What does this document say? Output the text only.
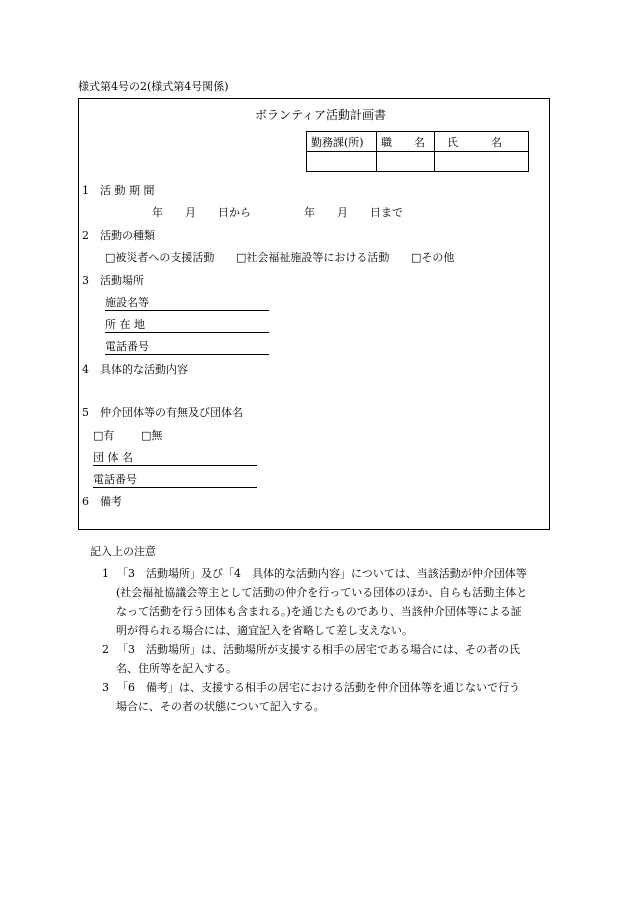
様式第4号の2(様式第4号関係)
ボランティア活動計画書
勤務課(所)	職　　名	氏　　　名

1　活 動 期 間
年　　月　　日から	年　　月　　日まで
2　活動の種類
□被災者への支援活動 □社会福祉施設等における活動 □その他
3　活動場所
施設名等
所 在 地
電話番号
4　具体的な活動内容
5　仲介団体等の有無及び団体名
□有 □無
団 体 名
電話番号
6　備考
記入上の注意
1 「3　活動場所」及び「4　具体的な活動内容」については、当該活動が仲介団体等
(社会福祉協議会等主として活動の仲介を行っている団体のほか、自らも活動主体と
なって活動を行う団体も含まれる。)を通じたものであり、当該仲介団体等による証
明が得られる場合には、適宜記入を省略して差し支えない。
2 「3　活動場所」は、活動場所が支援する相手の居宅である場合には、その者の氏
名、住所等を記入する。
3 「6　備考」は、支援する相手の居宅における活動を仲介団体等を通じないで行う
場合に、その者の状態について記入する。
